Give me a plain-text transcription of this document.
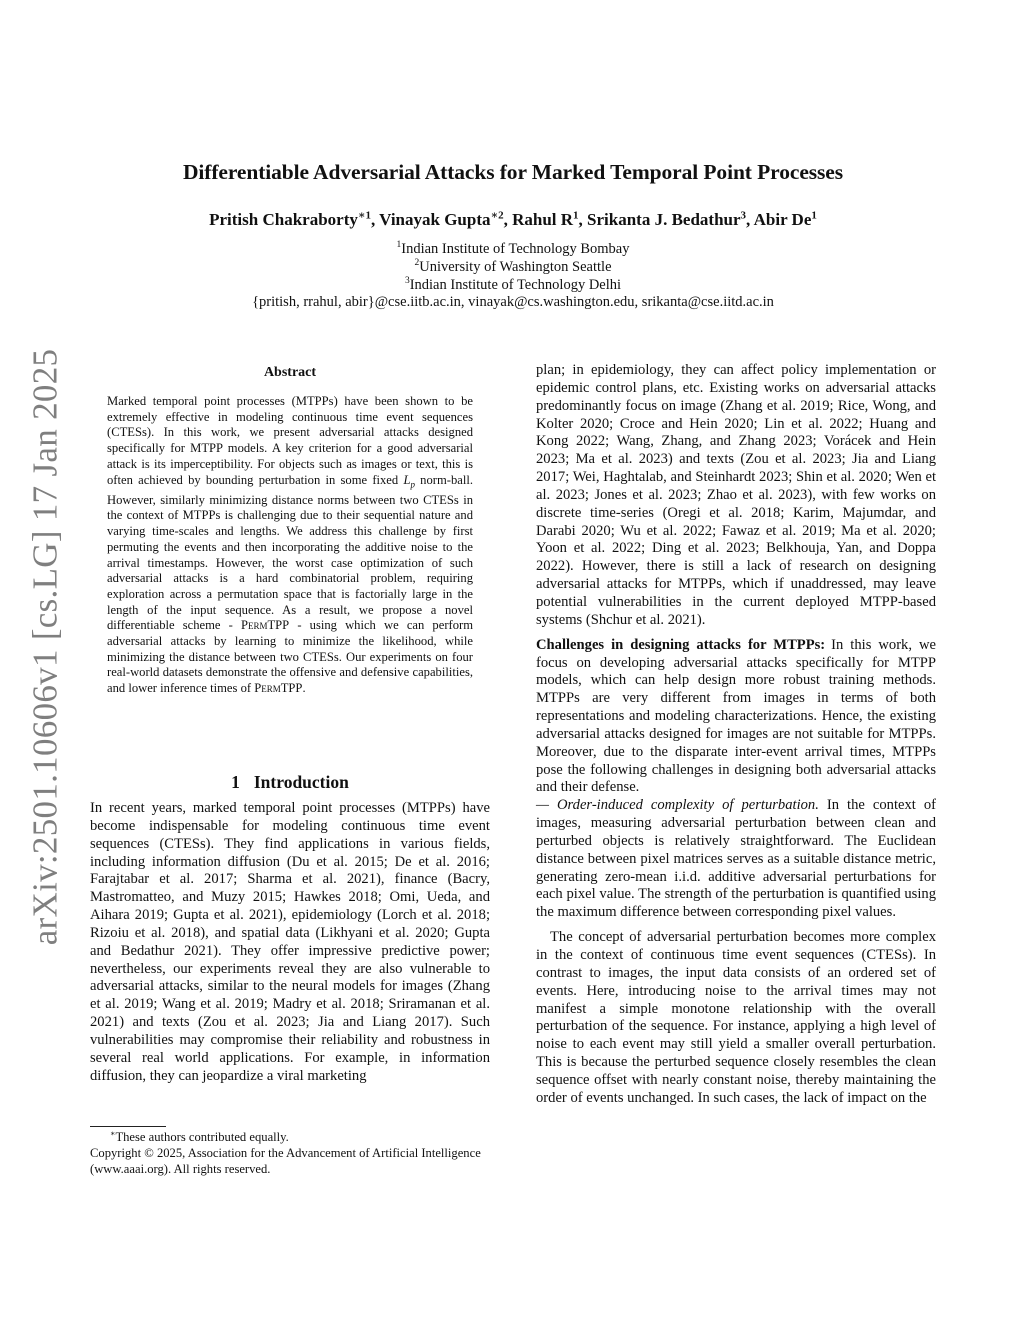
arXiv:2501.10606v1 [cs.LG] 17 Jan 2025
Differentiable Adversarial Attacks for Marked Temporal Point Processes
Pritish Chakraborty$^{∗1}$, Vinayak Gupta$^{∗2}$, Rahul $R^1$, Srikanta J. Bedathur$^3$, Abir De$^1$
$^1$Indian Institute of Technology Bombay
$^2$University of Washington Seattle
$^3$Indian Institute of Technology Delhi
{pritish, rrahul, abir}@cse.iitb.ac.in, vinayak@cs.washington.edu, srikanta@cse.iitd.ac.in
Abstract
Marked temporal point processes (MTPPs) have been shown to be extremely effective in modeling continuous time event sequences (CTESs). In this work, we present adversarial attacks designed specifically for MTPP models. A key criterion for a good adversarial attack is its imperceptibility. For objects such as images or text, this is often achieved by bounding perturbation in some fixed $L_p$ norm-ball. However, similarly minimizing distance norms between two CTESs in the context of MTPPs is challenging due to their sequential nature and varying time-scales and lengths. We address this challenge by first permuting the events and then incorporating the additive noise to the arrival timestamps. However, the worst case optimization of such adversarial attacks is a hard combinatorial problem, requiring exploration across a permutation space that is factorially large in the length of the input sequence. As a result, we propose a novel differentiable scheme - PermTPP - using which we can perform adversarial attacks by learning to minimize the likelihood, while minimizing the distance between two CTESs. Our experiments on four real-world datasets demonstrate the offensive and defensive capabilities, and lower inference times of PermTPP.
1 Introduction
In recent years, marked temporal point processes (MTPPs) have become indispensable for modeling continuous time event sequences (CTESs). They find applications in various fields, including information diffusion (Du et al. 2015; De et al. 2016; Farajtabar et al. 2017; Sharma et al. 2021), finance (Bacry, Mastromatteo, and Muzy 2015; Hawkes 2018; Omi, Ueda, and Aihara 2019; Gupta et al. 2021), epidemiology (Lorch et al. 2018; Rizoiu et al. 2018), and spatial data (Likhyani et al. 2020; Gupta and Bedathur 2021). They offer impressive predictive power; nevertheless, our experiments reveal they are also vulnerable to adversarial attacks, similar to the neural models for images (Zhang et al. 2019; Wang et al. 2019; Madry et al. 2018; Sriramanan et al. 2021) and texts (Zou et al. 2023; Jia and Liang 2017). Such vulnerabilities may compromise their reliability and robustness in several real world applications. For example, in information diffusion, they can jeopardize a viral marketing
∗These authors contributed equally.
Copyright © 2025, Association for the Advancement of Artificial Intelligence (www.aaai.org). All rights reserved.

plan; in epidemiology, they can affect policy implementation or epidemic control plans, etc. Existing works on adversarial attacks predominantly focus on image (Zhang et al. 2019; Rice, Wong, and Kolter 2020; Croce and Hein 2020; Lin et al. 2022; Huang and Kong 2022; Wang, Zhang, and Zhang 2023; Vorácek and Hein 2023; Ma et al. 2023) and texts (Zou et al. 2023; Jia and Liang 2017; Wei, Haghtalab, and Steinhardt 2023; Shin et al. 2020; Wen et al. 2023; Jones et al. 2023; Zhao et al. 2023), with few works on discrete time-series (Oregi et al. 2018; Karim, Majumdar, and Darabi 2020; Wu et al. 2022; Fawaz et al. 2019; Ma et al. 2020; Yoon et al. 2022; Ding et al. 2023; Belkhouja, Yan, and Doppa 2022). However, there is still a lack of research on designing adversarial attacks for MTPPs, which if unaddressed, may leave potential vulnerabilities in the current deployed MTPP-based systems (Shchur et al. 2021).

Challenges in designing attacks for MTPPs: In this work, we focus on developing adversarial attacks specifically for MTPP models, which can help design more robust training methods. MTPPs are very different from images in terms of both representations and modeling characterizations. Hence, the existing adversarial attacks designed for images are not suitable for MTPPs. Moreover, due to the disparate inter-event arrival times, MTPPs pose the following challenges in designing both adversarial attacks and their defense.

— Order-induced complexity of perturbation. In the context of images, measuring adversarial perturbation between clean and perturbed objects is relatively straightforward. The Euclidean distance between pixel matrices serves as a suitable distance metric, generating zero-mean i.i.d. additive adversarial perturbations for each pixel value. The strength of the perturbation is quantified using the maximum difference between corresponding pixel values.

The concept of adversarial perturbation becomes more complex in the context of continuous time event sequences (CTESs). In contrast to images, the input data consists of an ordered set of events. Here, introducing noise to the arrival times may not manifest a simple monotone relationship with the overall perturbation of the sequence. For instance, applying a high level of noise to each event may still yield a smaller overall perturbation. This is because the perturbed sequence closely resembles the clean sequence offset with nearly constant noise, thereby maintaining the order of events unchanged. In such cases, the lack of impact on the
